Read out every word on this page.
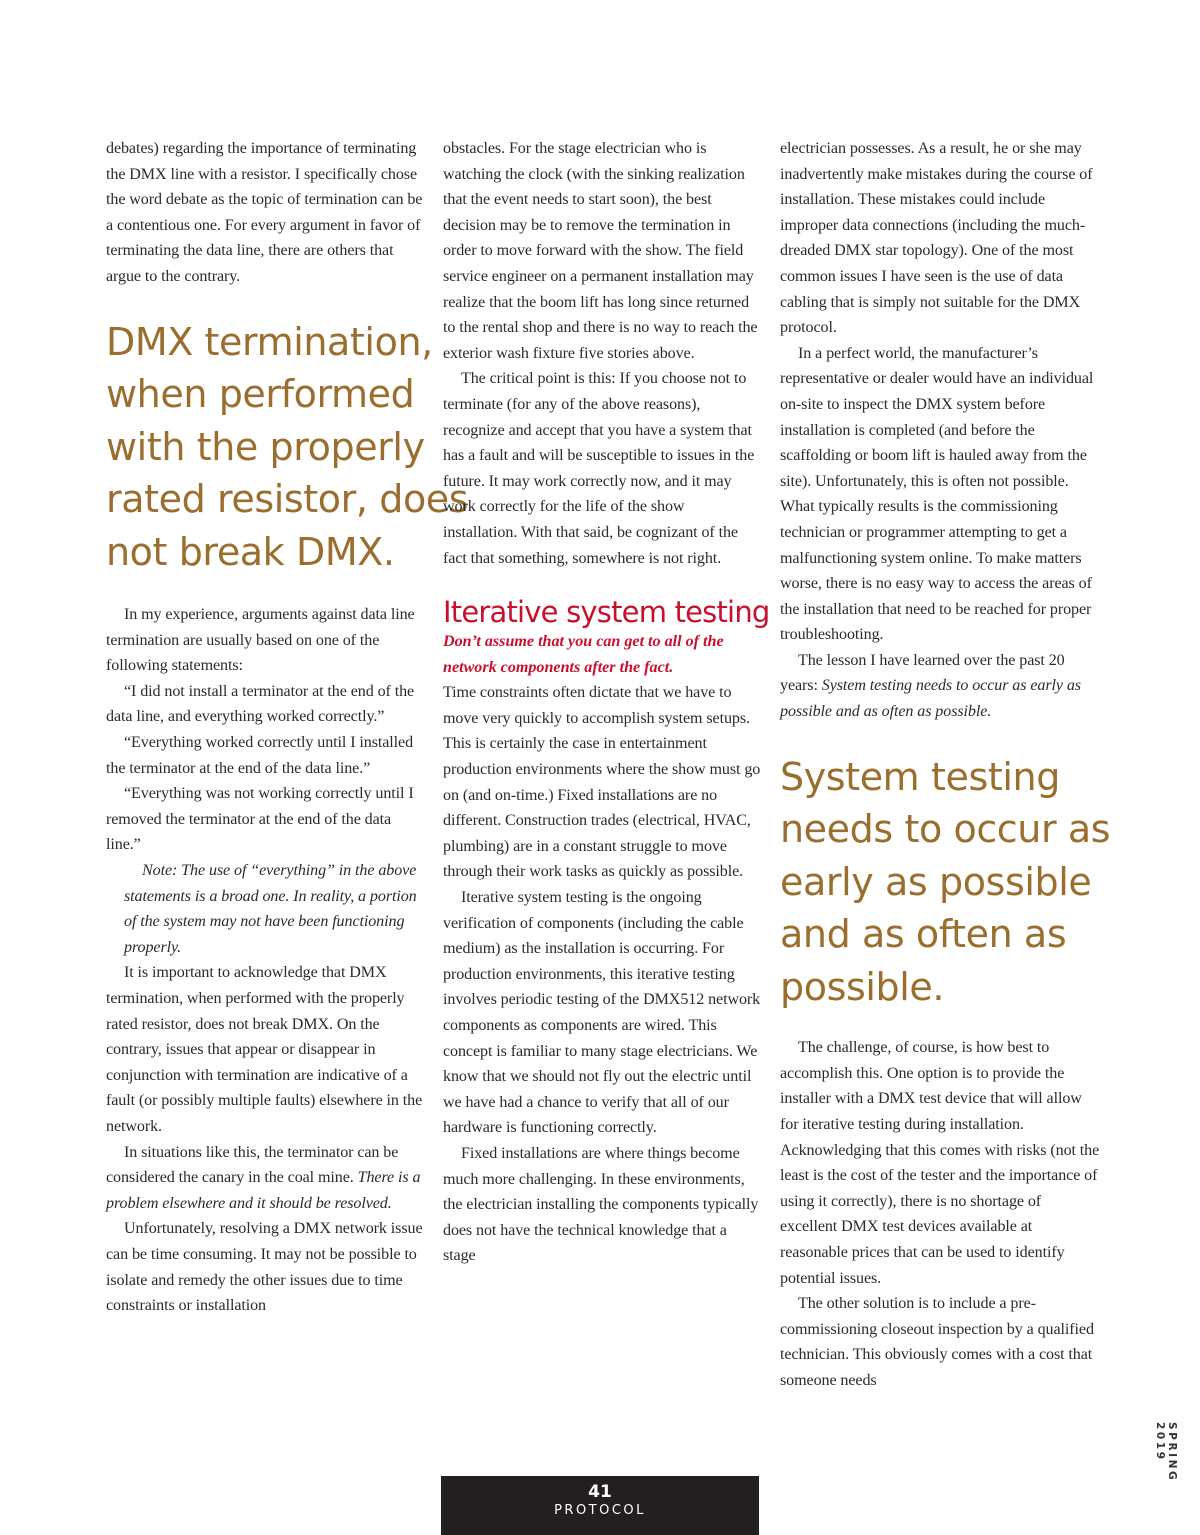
debates) regarding the importance of terminating the DMX line with a resistor. I specifically chose the word debate as the topic of termination can be a contentious one. For every argument in favor of terminating the data line, there are others that argue to the contrary.

DMX termination,
when performed
with the properly
rated resistor, does
not break DMX.

In my experience, arguments against data line termination are usually based on one of the following statements:

“I did not install a terminator at the end of the data line, and everything worked correctly.”

“Everything worked correctly until I installed the terminator at the end of the data line.”

“Everything was not working correctly until I removed the terminator at the end of the data line.”

Note: The use of “everything” in the above statements is a broad one. In reality, a portion of the system may not have been functioning properly.

It is important to acknowledge that DMX termination, when performed with the properly rated resistor, does not break DMX. On the contrary, issues that appear or disappear in conjunction with termination are indicative of a fault (or possibly multiple faults) elsewhere in the network.

In situations like this, the terminator can be considered the canary in the coal mine. There is a problem elsewhere and it should be resolved.

Unfortunately, resolving a DMX network issue can be time consuming. It may not be possible to isolate and remedy the other issues due to time constraints or installation

obstacles. For the stage electrician who is watching the clock (with the sinking realization that the event needs to start soon), the best decision may be to remove the termination in order to move forward with the show. The field service engineer on a permanent installation may realize that the boom lift has long since returned to the rental shop and there is no way to reach the exterior wash fixture five stories above.

The critical point is this: If you choose not to terminate (for any of the above reasons), recognize and accept that you have a system that has a fault and will be susceptible to issues in the future. It may work correctly now, and it may work correctly for the life of the show installation. With that said, be cognizant of the fact that something, somewhere is not right.

Iterative system testing
Don’t assume that you can get to all of the network components after the fact.

Time constraints often dictate that we have to move very quickly to accomplish system setups. This is certainly the case in entertainment production environments where the show must go on (and on-time.) Fixed installations are no different. Construction trades (electrical, HVAC, plumbing) are in a constant struggle to move through their work tasks as quickly as possible.

Iterative system testing is the ongoing verification of components (including the cable medium) as the installation is occurring. For production environments, this iterative testing involves periodic testing of the DMX512 network components as components are wired. This concept is familiar to many stage electricians. We know that we should not fly out the electric until we have had a chance to verify that all of our hardware is functioning correctly.

Fixed installations are where things become much more challenging. In these environments, the electrician installing the components typically does not have the technical knowledge that a stage

electrician possesses. As a result, he or she may inadvertently make mistakes during the course of installation. These mistakes could include improper data connections (including the much-dreaded DMX star topology). One of the most common issues I have seen is the use of data cabling that is simply not suitable for the DMX protocol.

In a perfect world, the manufacturer’s representative or dealer would have an individual on-site to inspect the DMX system before installation is completed (and before the scaffolding or boom lift is hauled away from the site). Unfortunately, this is often not possible. What typically results is the commissioning technician or programmer attempting to get a malfunctioning system online. To make matters worse, there is no easy way to access the areas of the installation that need to be reached for proper troubleshooting.

The lesson I have learned over the past 20 years: System testing needs to occur as early as possible and as often as possible.

System testing
needs to occur as
early as possible
and as often as
possible.

The challenge, of course, is how best to accomplish this. One option is to provide the installer with a DMX test device that will allow for iterative testing during installation. Acknowledging that this comes with risks (not the least is the cost of the tester and the importance of using it correctly), there is no shortage of excellent DMX test devices available at reasonable prices that can be used to identify potential issues.

The other solution is to include a pre-commissioning closeout inspection by a qualified technician. This obviously comes with a cost that someone needs

41
PROTOCOL
SPRING 2019
